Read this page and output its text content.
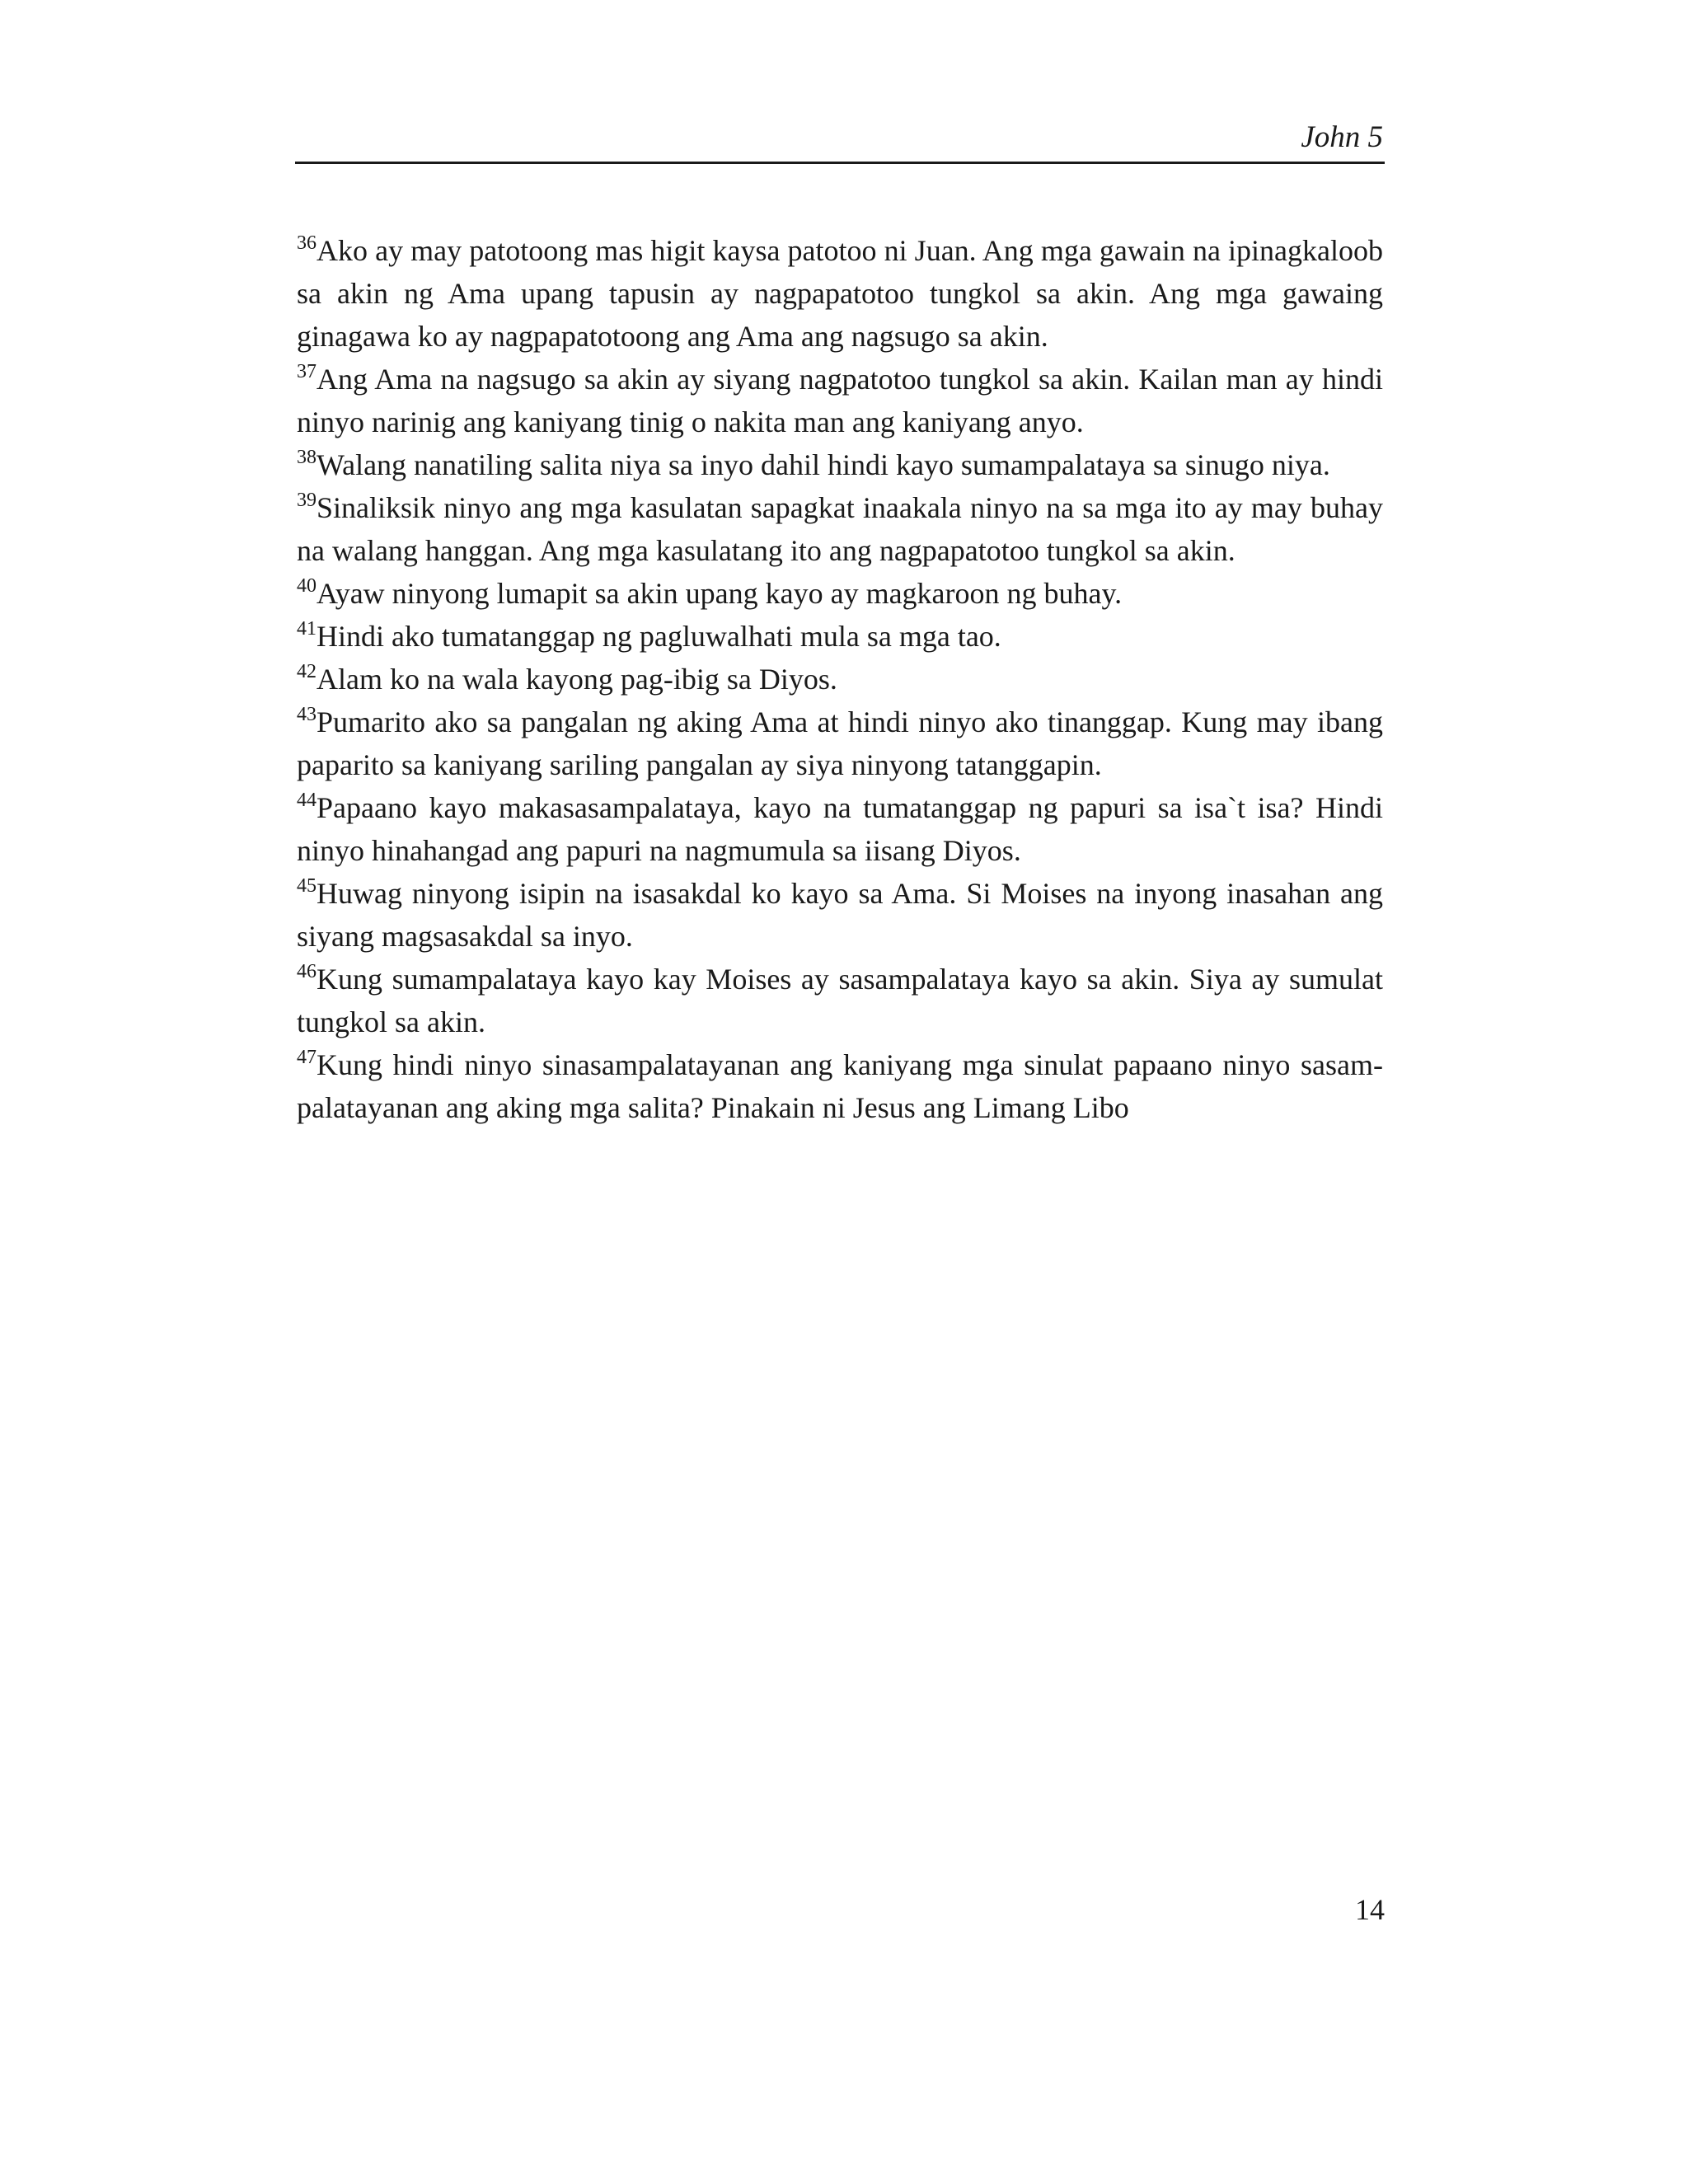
John 5

$^{36}$Ako ay may patotoong mas higit kaysa patotoo ni Juan. Ang mga gawain na ipinagkaloob sa akin ng Ama upang tapusin ay nagpapatotoo tungkol sa akin. Ang mga gawaing ginagawa ko ay nagpapatotoong ang Ama ang nagsugo sa akin.

$^{37}$Ang Ama na nagsugo sa akin ay siyang nagpatotoo tungkol sa akin. Kailan man ay hindi ninyo narinig ang kaniyang tinig o nakita man ang kaniyang anyo.

$^{38}$Walang nanatiling salita niya sa inyo dahil hindi kayo sumampalataya sa sinugo niya.

$^{39}$Sinaliksik ninyo ang mga kasulatan sapagkat inaakala ninyo na sa mga ito ay may buhay na walang hanggan. Ang mga kasulatang ito ang nagpapatotoo tungkol sa akin.

$^{40}$Ayaw ninyong lumapit sa akin upang kayo ay magkaroon ng buhay.

$^{41}$Hindi ako tumatanggap ng pagluwalhati mula sa mga tao.

$^{42}$Alam ko na wala kayong pag-ibig sa Diyos.

$^{43}$Pumarito ako sa pangalan ng aking Ama at hindi ninyo ako tinanggap. Kung may ibang paparito sa kaniyang sariling pangalan ay siya ninyong tatanggapin.

$^{44}$Papaano kayo makasasampalataya, kayo na tumatanggap ng papuri sa isa`t isa? Hindi ninyo hinahangad ang papuri na nagmumula sa iisang Diyos.

$^{45}$Huwag ninyong isipin na isasakdal ko kayo sa Ama. Si Moises na inyong inasahan ang siyang magsasakdal sa inyo.

$^{46}$Kung sumampalataya kayo kay Moises ay sasampalataya kayo sa akin. Siya ay sumulat tungkol sa akin.

$^{47}$Kung hindi ninyo sinasampalatayanan ang kaniyang mga sinulat papaano ninyo sasampalatayanan ang aking mga salita? Pinakain ni Jesus ang Limang Libo

14
